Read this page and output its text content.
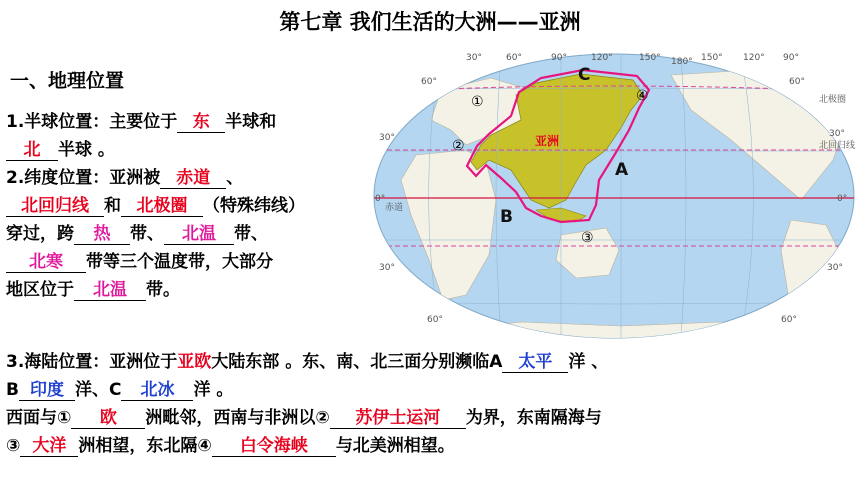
第七章 我们生活的大洲——亚洲
一、地理位置
1.半球位置：主要位于 东 半球和
北 半球 。
2.纬度位置：亚洲被 赤道 、
北回归线 和 北极圈 （特殊纬线）
穿过，跨 热 带、 北温 带、
北寒 带等三个温度带，大部分
地区位于 北温 带。
3.海陆位置：亚洲位于亚欧大陆东部 。东、南、北三面分别濒临A 太平 洋 、
B 印度 洋、C 北冰 洋 。
西面与① 欧 洲毗邻，西南与非洲以② 苏伊士运河 为界，东南隔海与
③ 大洋 洲相望，东北隔④ 白令海峡 与北美洲相望。
30°	60°	90°	120°	150° 180° 150° 120° 90°
60°
30°
0°
30°
60°
60°
30°
0°
30°
60°
北极圈
北回归线
赤道
亚洲
A
B
C
①
②
③
④
